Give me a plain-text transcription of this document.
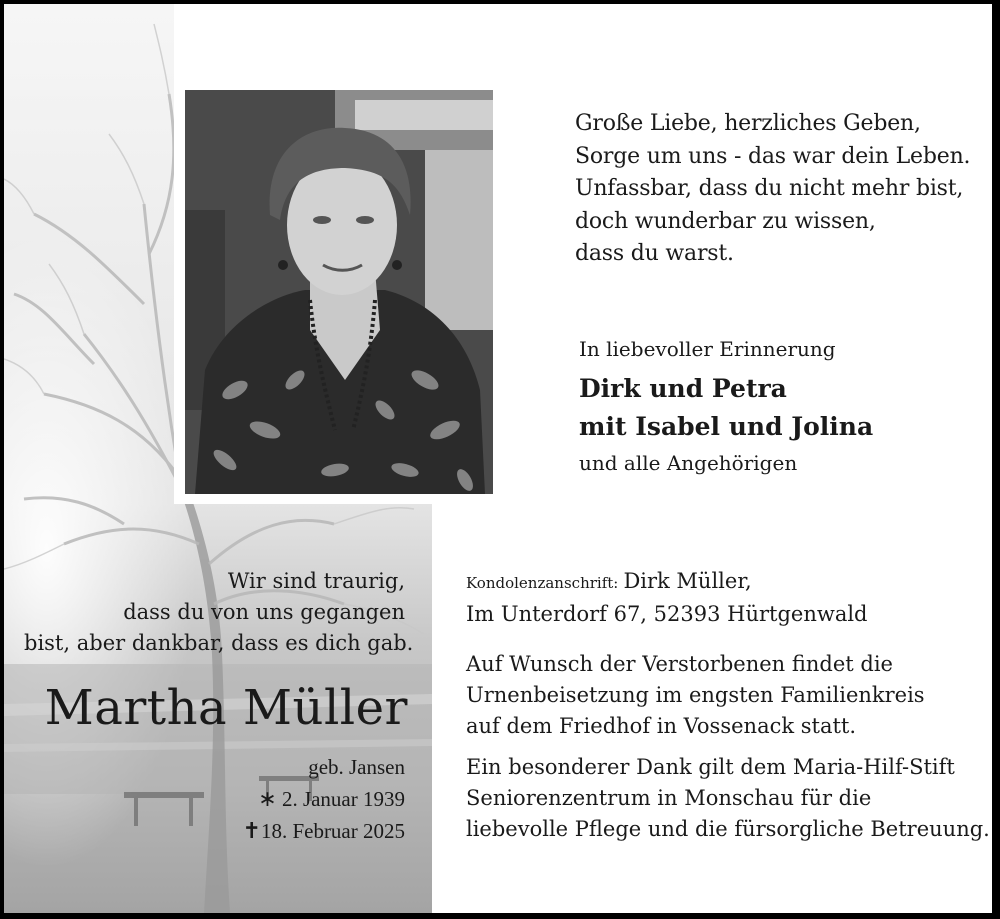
Große Liebe, herzliches Geben,
Sorge um uns - das war dein Leben.
Unfassbar, dass du nicht mehr bist,
doch wunderbar zu wissen,
dass du warst.
In liebevoller Erinnerung
Dirk und Petra
mit Isabel und Jolina
und alle Angehörigen
Wir sind traurig,
dass du von uns gegangen
bist, aber dankbar, dass es dich gab.
Martha Müller
geb. Jansen
∗ 2. Januar 1939
✝18. Februar 2025
Kondolenzanschrift: Dirk Müller,
Im Unterdorf 67, 52393 Hürtgenwald
Auf Wunsch der Verstorbenen findet die
Urnenbeisetzung im engsten Familienkreis
auf dem Friedhof in Vossenack statt.
Ein besonderer Dank gilt dem Maria-Hilf-Stift
Seniorenzentrum in Monschau für die
liebevolle Pflege und die fürsorgliche Betreuung.
